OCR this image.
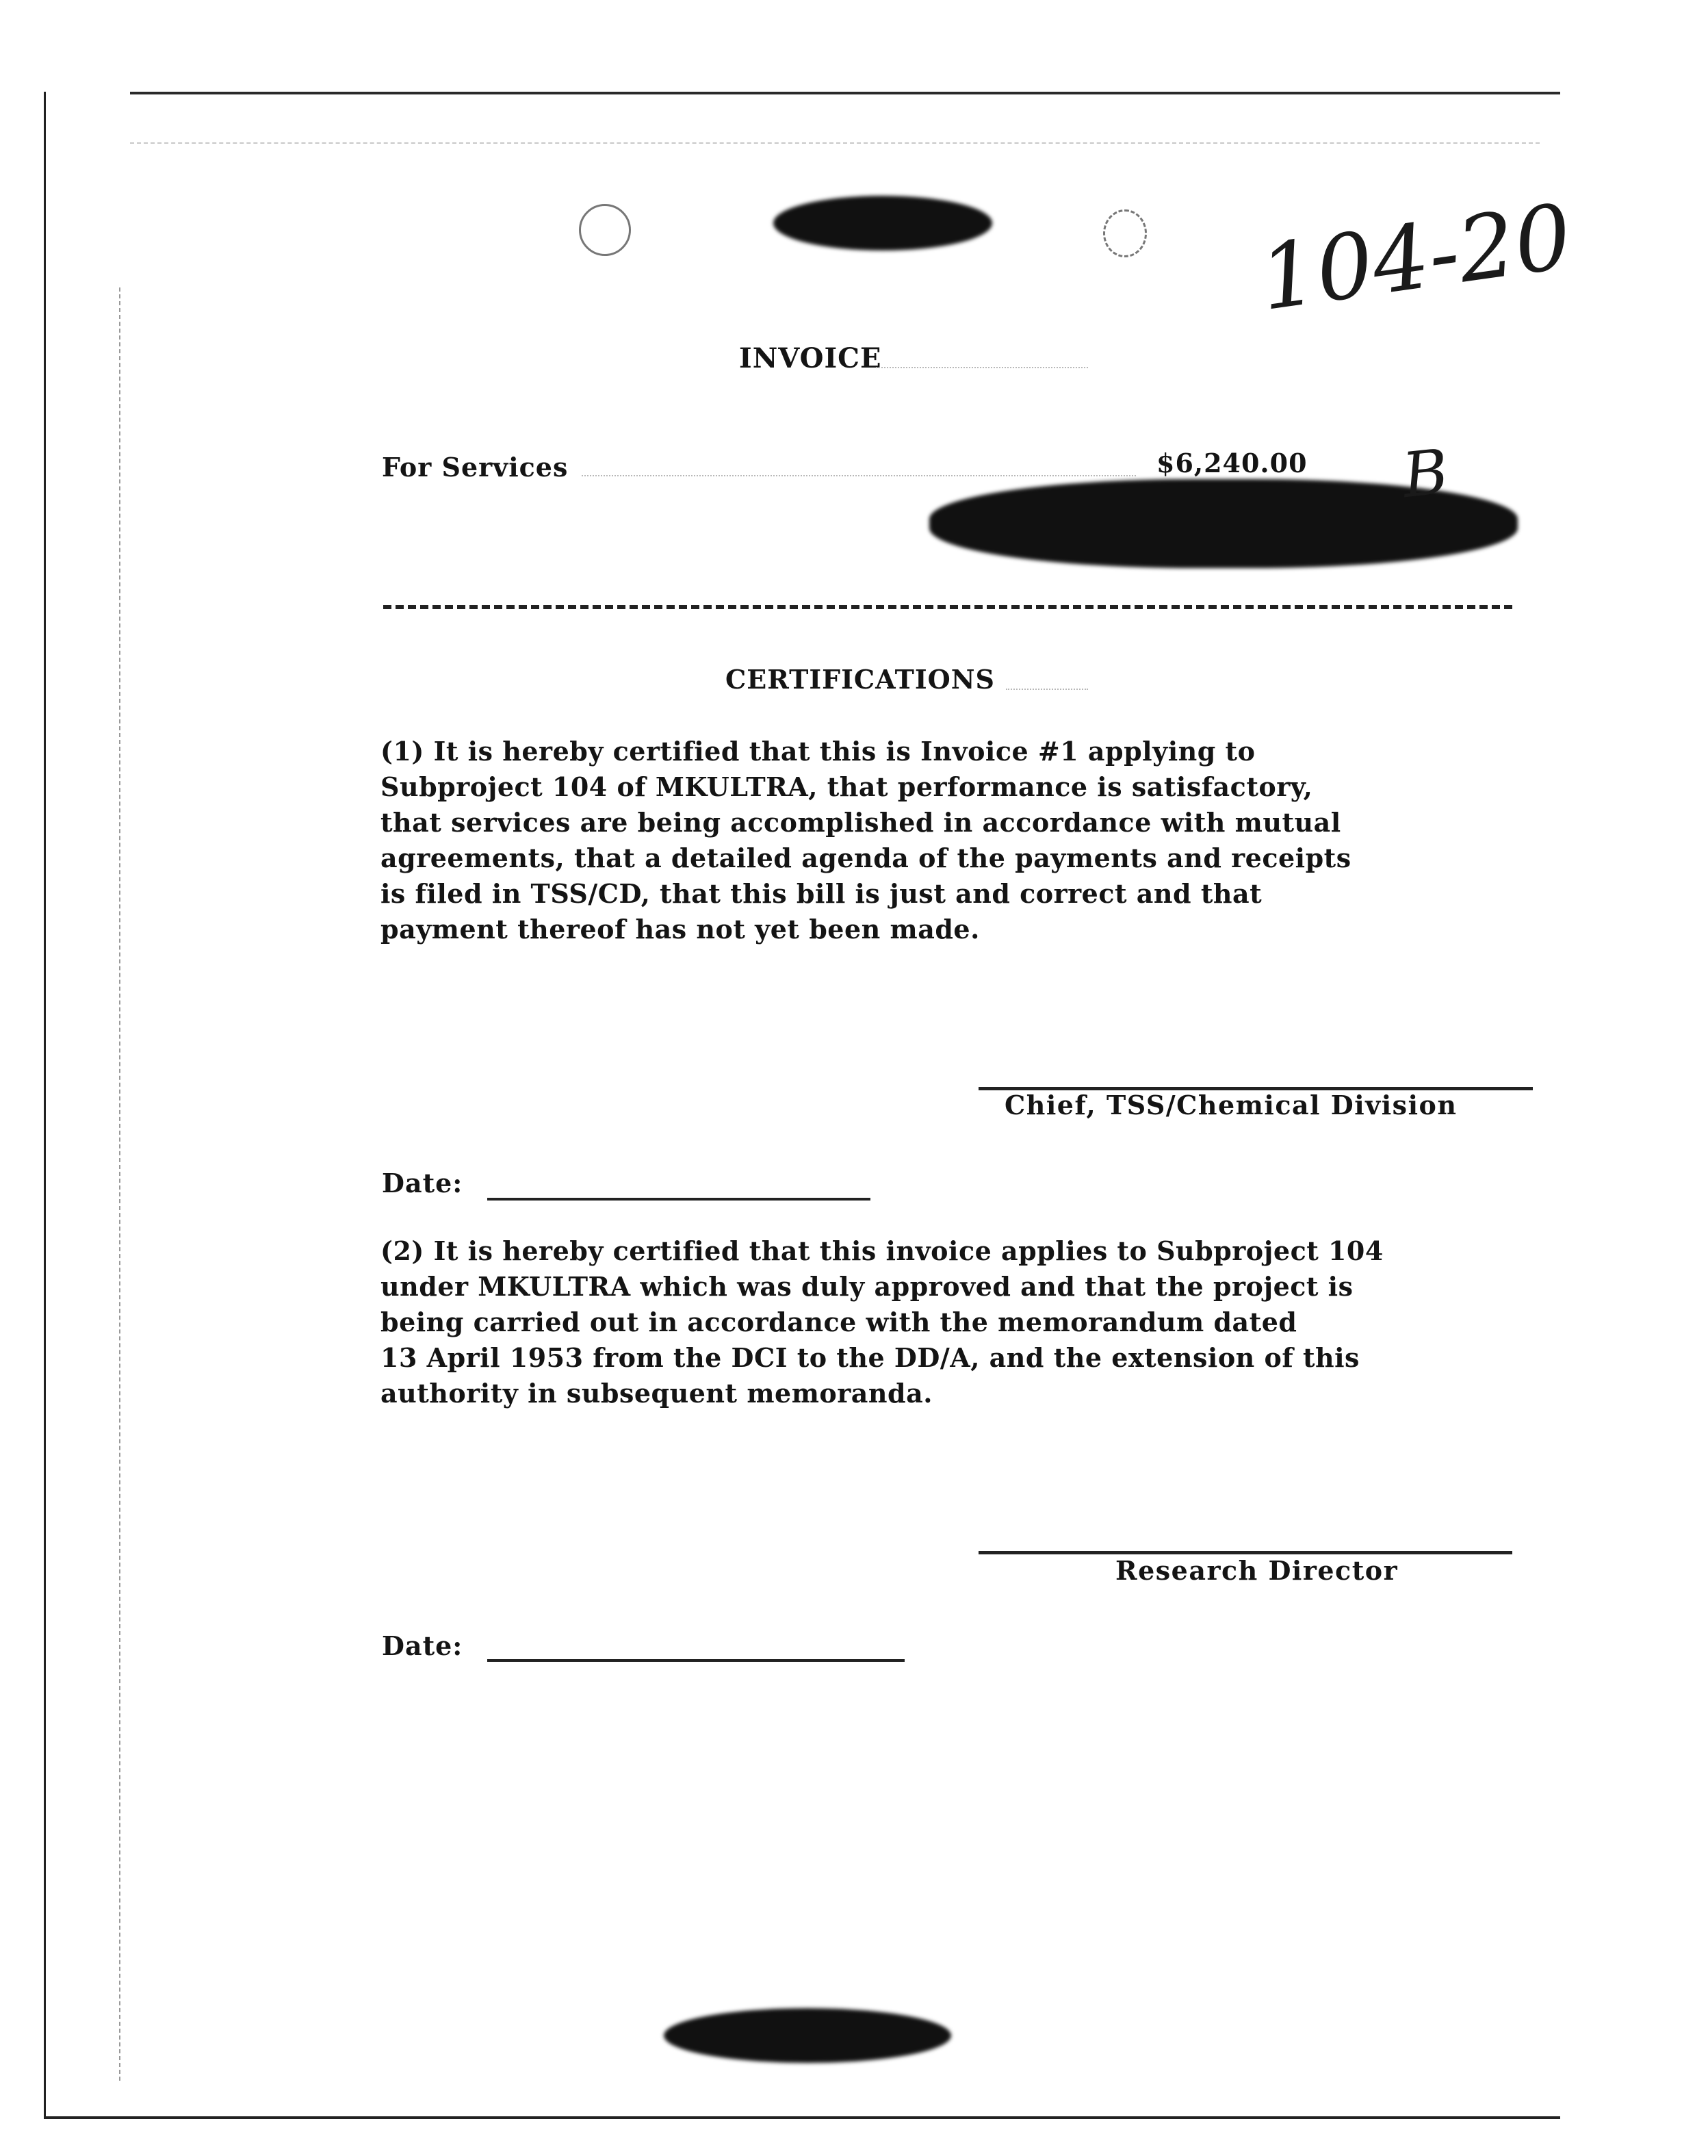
104-20
B
INVOICE
For Services	$6,240.00
CERTIFICATIONS
(1) It is hereby certified that this is Invoice #1 applying to
Subproject 104 of MKULTRA, that performance is satisfactory,
that services are being accomplished in accordance with mutual
agreements, that a detailed agenda of the payments and receipts
is filed in TSS/CD, that this bill is just and correct and that
payment thereof has not yet been made.
Chief, TSS/Chemical Division
Date:
(2) It is hereby certified that this invoice applies to Subproject 104
under MKULTRA which was duly approved and that the project is
being carried out in accordance with the memorandum dated
13 April 1953 from the DCI to the DD/A, and the extension of this
authority in subsequent memoranda.
Research Director
Date:
